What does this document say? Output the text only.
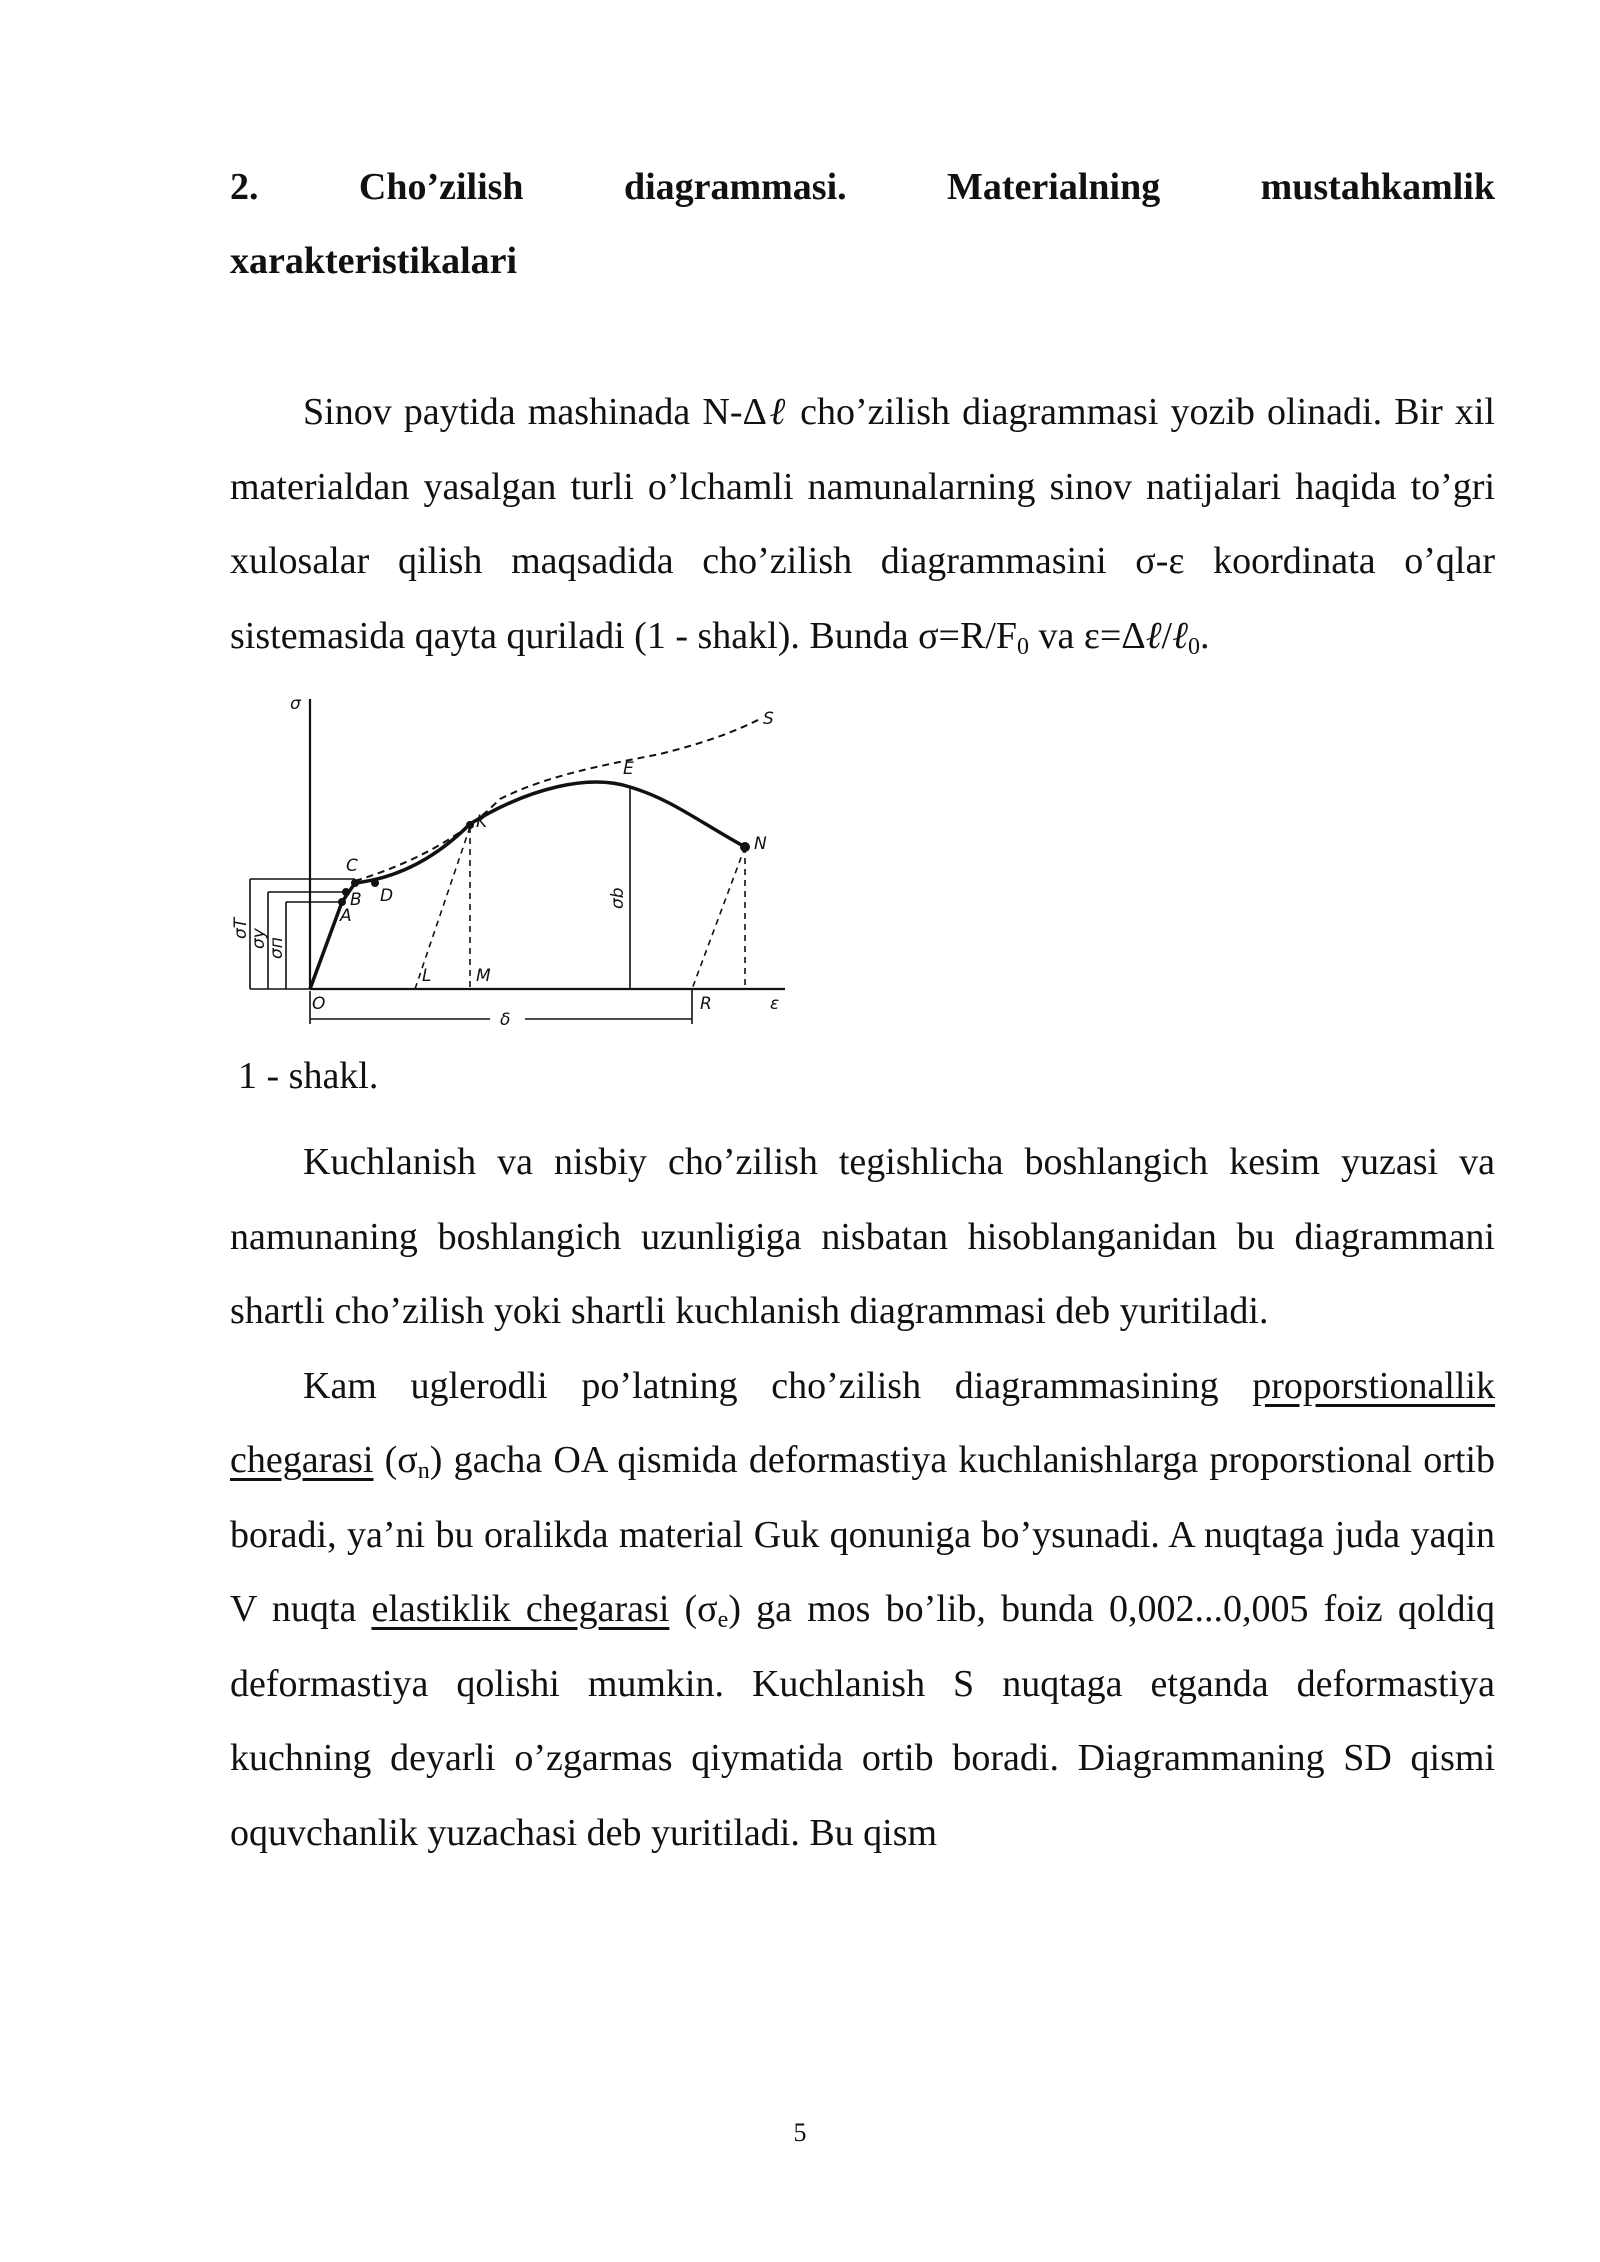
2. Cho’zilish diagrammasi. Materialning mustahkamlik
xarakteristikalari

Sinov paytida mashinada N-Δℓ cho’zilish diagrammasi yozib olinadi. Bir xil materialdan yasalgan turli o’lchamli namunalarning sinov natijalari haqida to’gri xulosalar qilish maqsadida cho’zilish diagrammasini σ-ε koordinata o’qlar sistemasida qayta quriladi (1 - shakl). Bunda $\sigma=R/F_0$ va ε=Δℓ/ℓ$_0$.

σ
ε
S
E
K
N
C
B D
A
O
L	M
R
δ
σT
σy
σп
σb
1 - shakl.

Kuchlanish va nisbiy cho’zilish tegishlicha boshlangich kesim yuzasi va namunaning boshlangich uzunligiga nisbatan hisoblanganidan bu diagrammani shartli cho’zilish yoki shartli kuchlanish diagrammasi deb yuritiladi.

Kam uglerodli po’latning cho’zilish diagrammasining proporstionallik chegarasi $(\sigma_n)$ gacha OA qismida deformastiya kuchlanishlarga proporstional ortib boradi, ya’ni bu oralikda material Guk qonuniga bo’ysunadi. A nuqtaga juda yaqin V nuqta elastiklik chegarasi $(\sigma_e)$ ga mos bo’lib, bunda 0,002...0,005 foiz qoldiq deformastiya qolishi mumkin. Kuchlanish S nuqtaga etganda deformastiya kuchning deyarli o’zgarmas qiymatida ortib boradi. Diagrammaning SD qismi oquvchanlik yuzachasi deb yuritiladi. Bu qism

5
